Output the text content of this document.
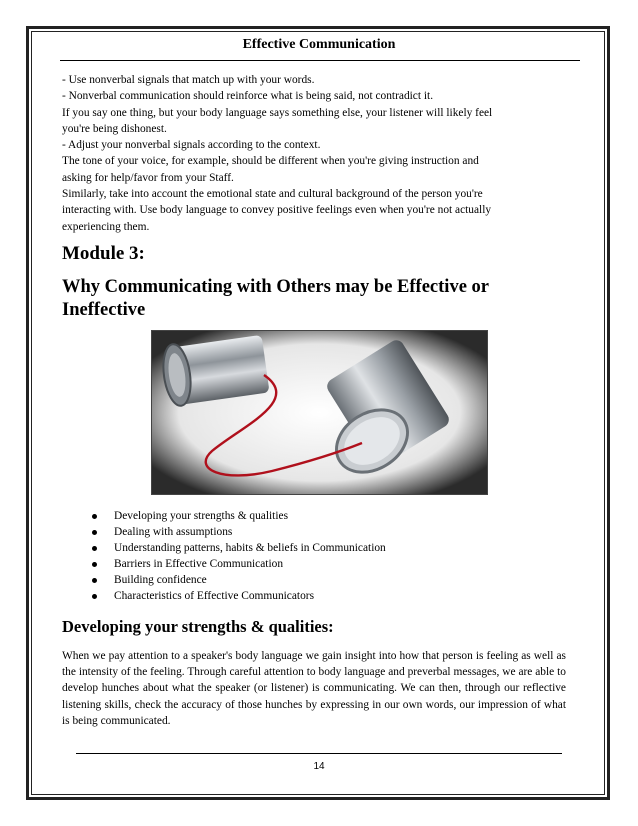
Effective Communication

- Use nonverbal signals that match up with your words.

- Nonverbal communication should reinforce what is being said, not contradict it.

If you say one thing, but your body language says something else, your listener will likely feel

you're being dishonest.

- Adjust your nonverbal signals according to the context.

The tone of your voice, for example, should be different when you're giving instruction and

asking for help/favor from your Staff.

Similarly, take into account the emotional state and cultural background of the person you're

interacting with. Use body language to convey positive feelings even when you're not actually

experiencing them.

Module 3:
Why Communicating with Others may be Effective or Ineffective
Developing your strengths & qualities
Dealing with assumptions
Understanding patterns, habits & beliefs in Communication
Barriers in Effective Communication
Building confidence
Characteristics of Effective Communicators
Developing your strengths & qualities:

When we pay attention to a speaker's body language we gain insight into how that person is feeling as well as the intensity of the feeling. Through careful attention to body language and preverbal messages, we are able to develop hunches about what the speaker (or listener) is communicating. We can then, through our reflective listening skills, check the accuracy of those hunches by expressing in our own words, our impression of what is being communicated.

14
